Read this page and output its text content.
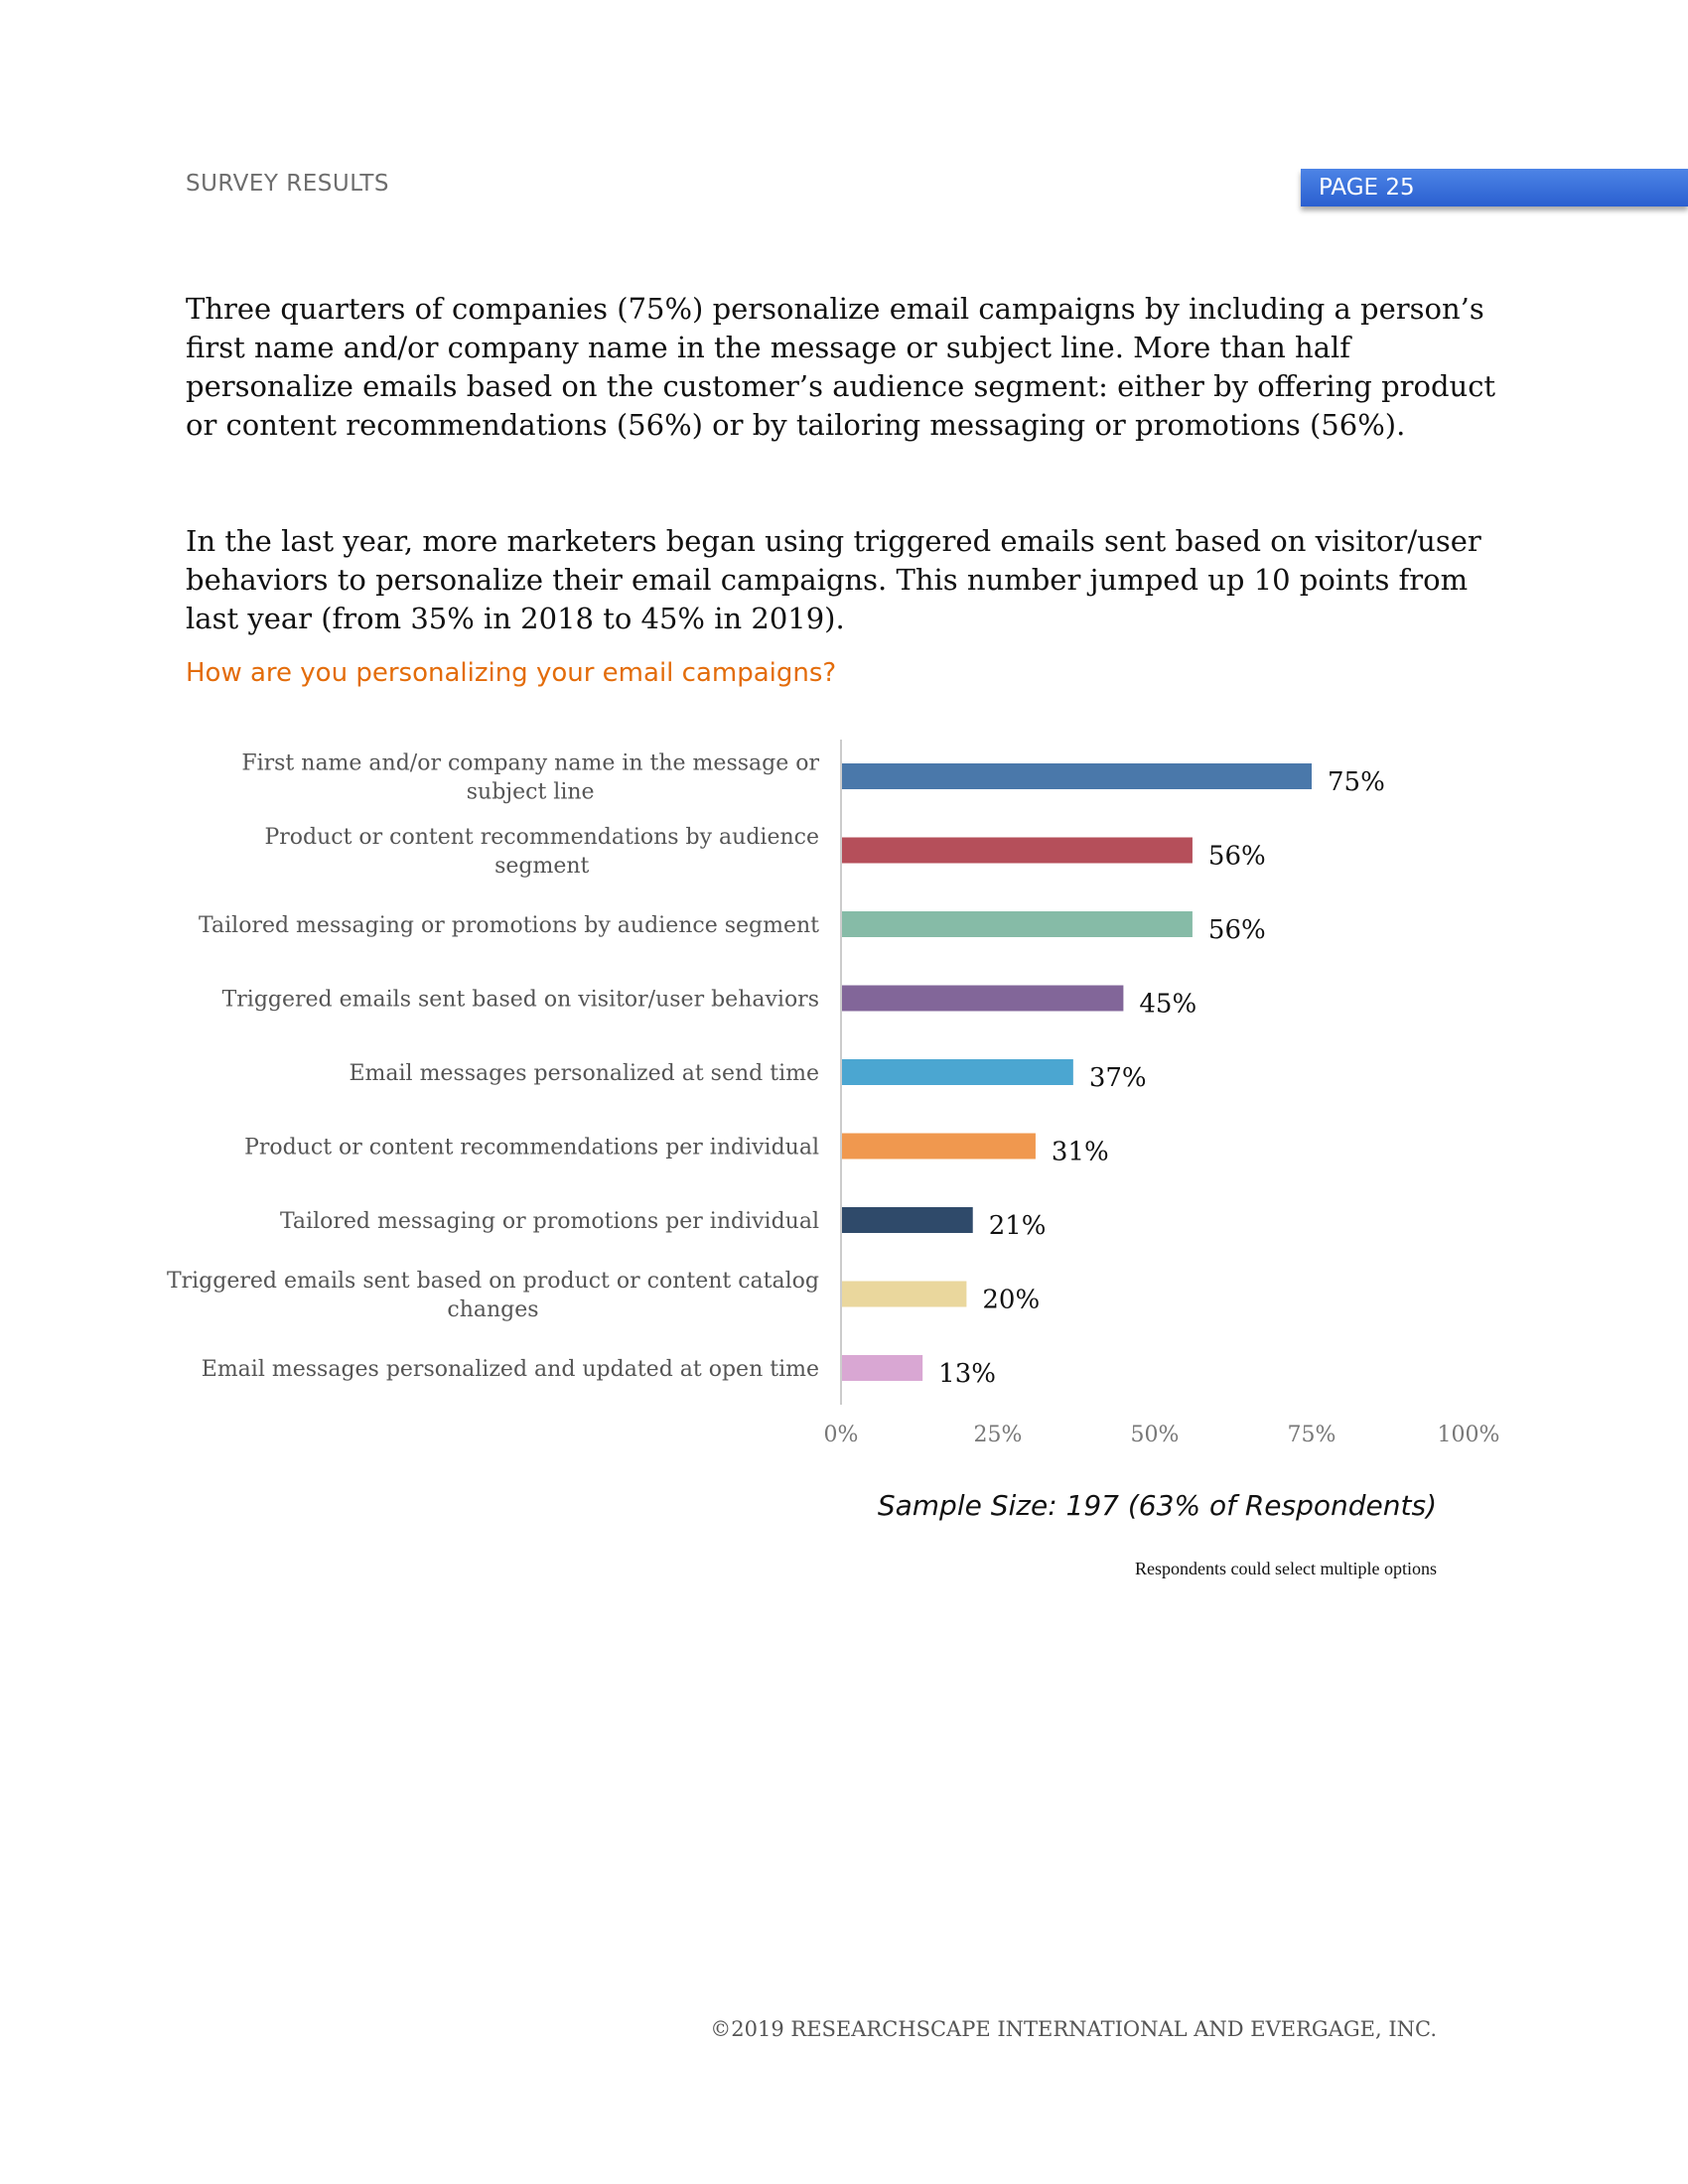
SURVEY RESULTS	PAGE 25
Three quarters of companies (75%) personalize email campaigns by including a person’s first name and/or company name in the message or subject line. More than half personalize emails based on the customer’s audience segment: either by offering product or content recommendations (56%) or by tailoring messaging or promotions (56%).
In the last year, more marketers began using triggered emails sent based on visitor/user behaviors to personalize their email campaigns. This number jumped up 10 points from last year (from 35% in 2018 to 45% in 2019).
How are you personalizing your email campaigns?
First name and/or company name in the message or subject line	75%
Product or content recommendations by audience segment	56%
Tailored messaging or promotions by audience segment	56%
Triggered emails sent based on visitor/user behaviors	45%
Email messages personalized at send time	37%
Product or content recommendations per individual	31%
Tailored messaging or promotions per individual	21%
Triggered emails sent based on product or content catalog changes	20%
Email messages personalized and updated at open time	13%
0%	25%	50%	75%	100%
Sample Size: 197 (63% of Respondents)
Respondents could select multiple options
©2019 RESEARCHSCAPE INTERNATIONAL AND EVERGAGE, INC.
